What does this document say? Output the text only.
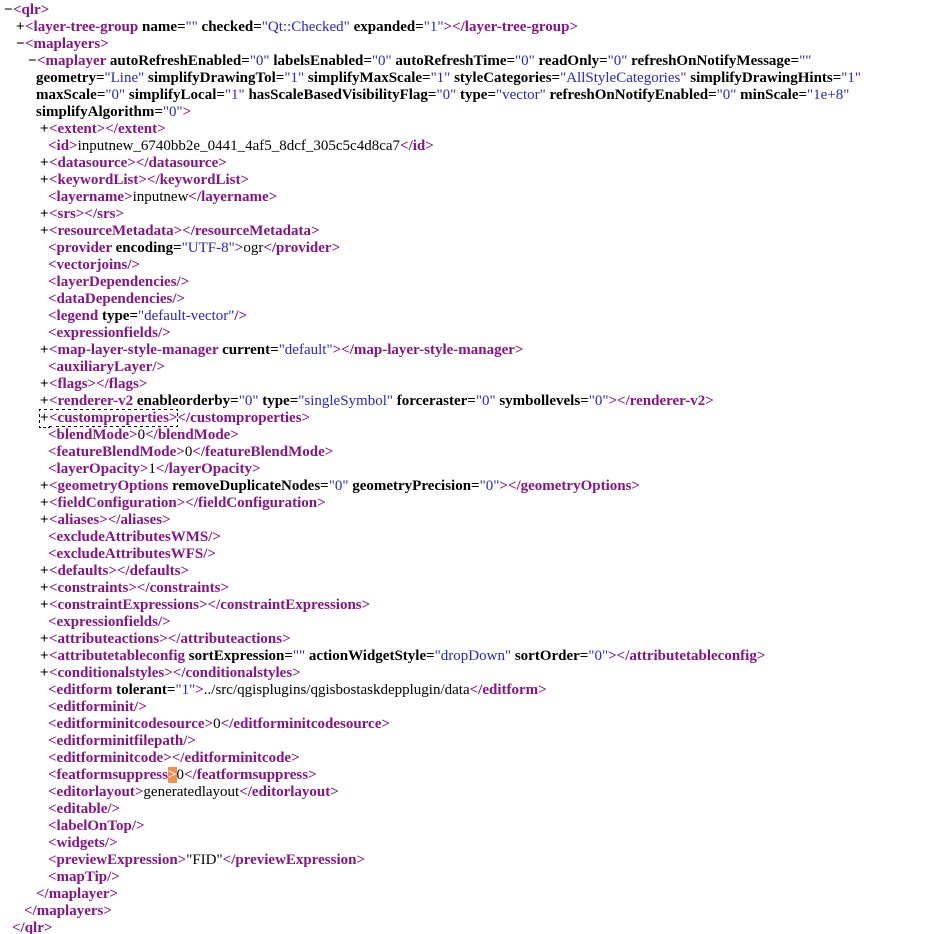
−<qlr>
+<layer-tree-group name="" checked="Qt::Checked" expanded="1"></layer-tree-group>
−<maplayers>
−<maplayer autoRefreshEnabled="0" labelsEnabled="0" autoRefreshTime="0" readOnly="0" refreshOnNotifyMessage=""
geometry="Line" simplifyDrawingTol="1" simplifyMaxScale="1" styleCategories="AllStyleCategories" simplifyDrawingHints="1"
maxScale="0" simplifyLocal="1" hasScaleBasedVisibilityFlag="0" type="vector" refreshOnNotifyEnabled="0" minScale="1e+8"
simplifyAlgorithm="0">
+<extent></extent>
<id>inputnew_6740bb2e_0441_4af5_8dcf_305c5c4d8ca7</id>
+<datasource></datasource>
+<keywordList></keywordList>
<layername>inputnew</layername>
+<srs></srs>
+<resourceMetadata></resourceMetadata>
<provider encoding="UTF-8">ogr</provider>
<vectorjoins/>
<layerDependencies/>
<dataDependencies/>
<legend type="default-vector"/>
<expressionfields/>
+<map-layer-style-manager current="default"></map-layer-style-manager>
<auxiliaryLayer/>
+<flags></flags>
+<renderer-v2 enableorderby="0" type="singleSymbol" forceraster="0" symbollevels="0"></renderer-v2>
+<customproperties></customproperties>
<blendMode>0</blendMode>
<featureBlendMode>0</featureBlendMode>
<layerOpacity>1</layerOpacity>
+<geometryOptions removeDuplicateNodes="0" geometryPrecision="0"></geometryOptions>
+<fieldConfiguration></fieldConfiguration>
+<aliases></aliases>
<excludeAttributesWMS/>
<excludeAttributesWFS/>
+<defaults></defaults>
+<constraints></constraints>
+<constraintExpressions></constraintExpressions>
<expressionfields/>
+<attributeactions></attributeactions>
+<attributetableconfig sortExpression="" actionWidgetStyle="dropDown" sortOrder="0"></attributetableconfig>
+<conditionalstyles></conditionalstyles>
<editform tolerant="1">../src/qgisplugins/qgisbostaskdepplugin/data</editform>
<editforminit/>
<editforminitcodesource>0</editforminitcodesource>
<editforminitfilepath/>
<editforminitcode></editforminitcode>
<featformsuppress>0</featformsuppress>
<editorlayout>generatedlayout</editorlayout>
<editable/>
<labelOnTop/>
<widgets/>
<previewExpression>"FID"</previewExpression>
<mapTip/>
</maplayer>
</maplayers>
</qlr>
